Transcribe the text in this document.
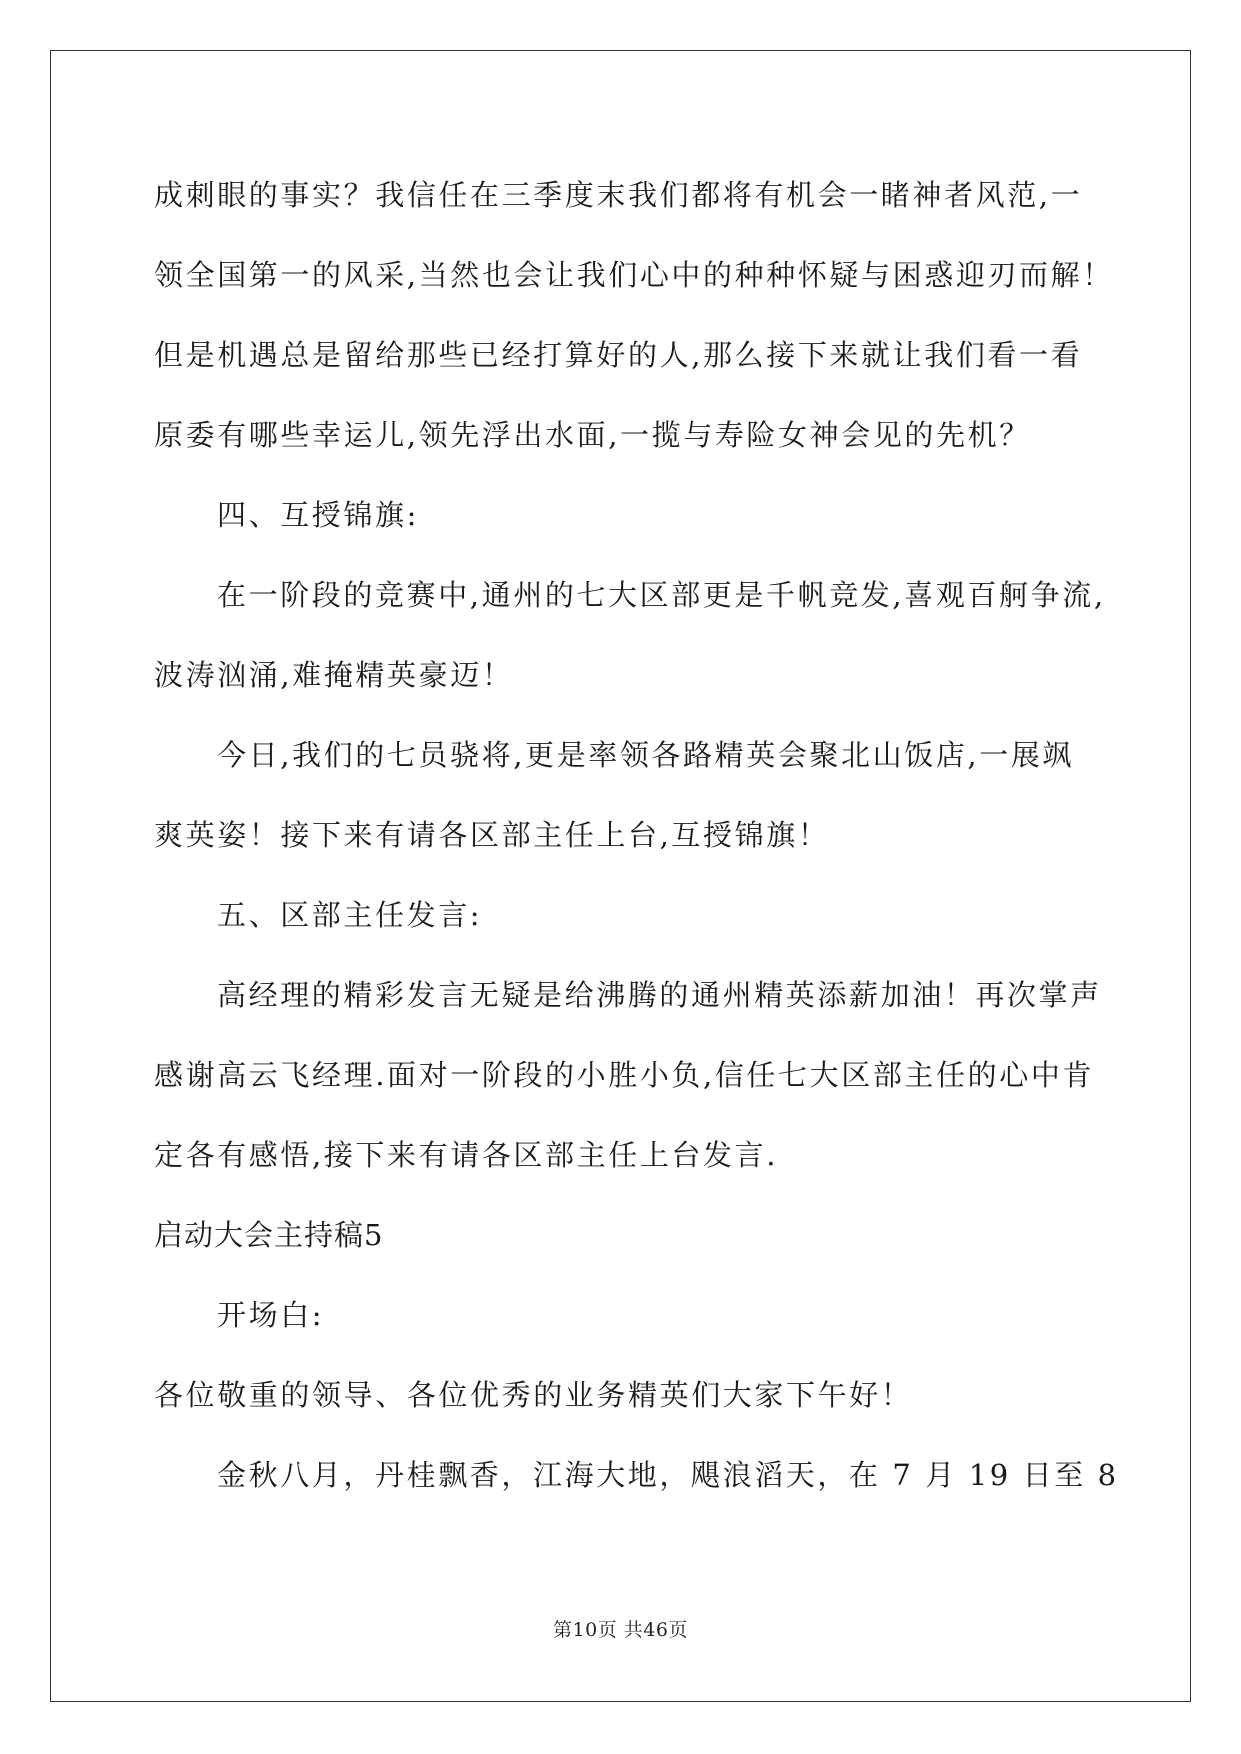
成刺眼的事实？我信任在三季度末我们都将有机会一睹神者风范,一
领全国第一的风采,当然也会让我们心中的种种怀疑与困惑迎刃而解！
但是机遇总是留给那些已经打算好的人,那么接下来就让我们看一看
原委有哪些幸运儿,领先浮出水面,一揽与寿险女神会见的先机？
四、互授锦旗:
在一阶段的竞赛中,通州的七大区部更是千帆竞发,喜观百舸争流,
波涛汹涌,难掩精英豪迈！
今日,我们的七员骁将,更是率领各路精英会聚北山饭店,一展飒
爽英姿！接下来有请各区部主任上台,互授锦旗！
五、区部主任发言:
高经理的精彩发言无疑是给沸腾的通州精英添薪加油！再次掌声
感谢高云飞经理.面对一阶段的小胜小负,信任七大区部主任的心中肯
定各有感悟,接下来有请各区部主任上台发言.
启动大会主持稿5
开场白:
各位敬重的领导、各位优秀的业务精英们大家下午好！
金秋八月，丹桂飘香，江海大地，飓浪滔天，在 7 月 19 日至 8
第10页 共46页
